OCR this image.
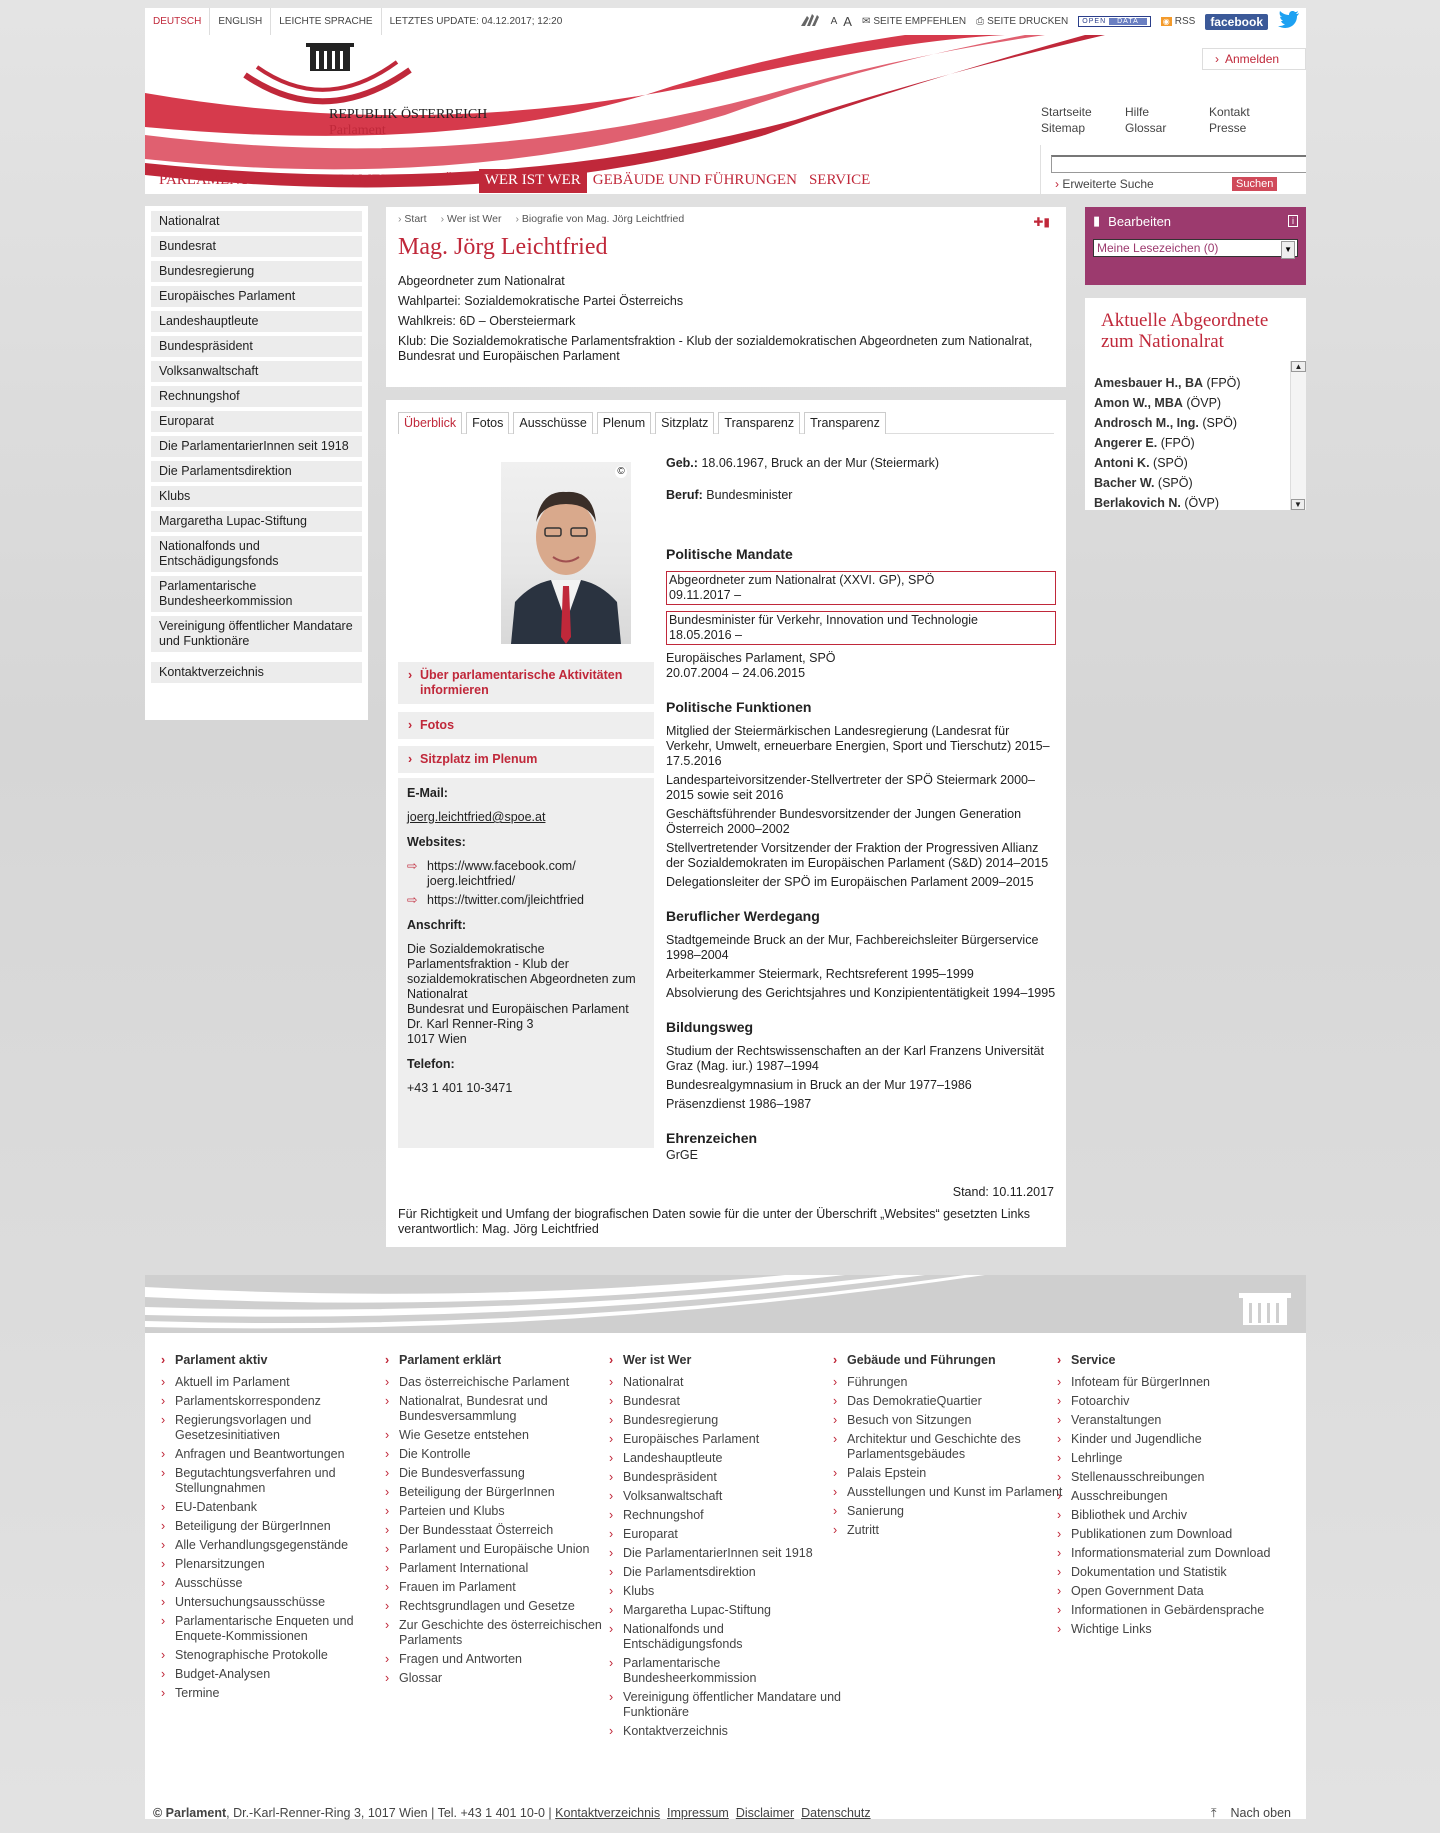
DEUTSCH	ENGLISH	LEICHTE SPRACHE	LETZTES UPDATE: 04.12.2017; 12:20	A A ✉ SEITE EMPFEHLEN ⎙ SEITE DRUCKEN OPEN	DATA	◉ RSS	facebook
REPUBLIK ÖSTERREICH
Parlament
› Anmelden
Startseite	Hilfe	Kontakt
Sitemap	Glossar	Presse
› Erweiterte Suche	Suchen
PARLAMENT AKTIV PARLAMENT ERKLÄRT WER IST WER GEBÄUDE UND FÜHRUNGEN SERVICE
Nationalrat
Bundesrat
Bundesregierung
Europäisches Parlament
Landeshauptleute
Bundespräsident
Volksanwaltschaft
Rechnungshof
Europarat
Die ParlamentarierInnen seit 1918
Die Parlamentsdirektion
Klubs
Margaretha Lupac-Stiftung
Nationalfonds und Entschädigungsfonds
Parlamentarische Bundesheerkommission
Vereinigung öffentlicher Mandatare und Funktionäre
Kontaktverzeichnis
› Start	› Wer ist Wer	› Biografie von Mag. Jörg Leichtfried	✚▮
Mag. Jörg Leichtfried
Abgeordneter zum Nationalrat
Wahlpartei: Sozialdemokratische Partei Österreichs
Wahlkreis: 6D – Obersteiermark
Klub: Die Sozialdemokratische Parlamentsfraktion - Klub der sozialdemokratischen Abgeordneten zum Nationalrat, Bundesrat und Europäischen Parlament
Überblick	Fotos	Ausschüsse	Plenum	Sitzplatz	Transparenz	Transparenz
©
› Über parlamentarische Aktivitäten informieren
› Fotos
› Sitzplatz im Plenum
E-Mail:
joerg.leichtfried@spoe.at
Websites:
⇨ https://www.facebook.com/ joerg.leichtfried/
⇨ https://twitter.com/jleichtfried
Anschrift:
Die Sozialdemokratische Parlamentsfraktion - Klub der sozialdemokratischen Abgeordneten zum Nationalrat
Bundesrat und Europäischen Parlament
Dr. Karl Renner-Ring 3
1017 Wien
Telefon:
+43 1 401 10-3471
Geb.: 18.06.1967, Bruck an der Mur (Steiermark)
Beruf: Bundesminister
Politische Mandate
Abgeordneter zum Nationalrat (XXVI. GP), SPÖ
09.11.2017 –
Bundesminister für Verkehr, Innovation und Technologie
18.05.2016 –
Europäisches Parlament, SPÖ
20.07.2004 – 24.06.2015
Politische Funktionen
Mitglied der Steiermärkischen Landesregierung (Landesrat für Verkehr, Umwelt, erneuerbare Energien, Sport und Tierschutz) 2015–17.5.2016
Landesparteivorsitzender-Stellvertreter der SPÖ Steiermark 2000–2015 sowie seit 2016
Geschäftsführender Bundesvorsitzender der Jungen Generation Österreich 2000–2002
Stellvertretender Vorsitzender der Fraktion der Progressiven Allianz der Sozialdemokraten im Europäischen Parlament (S&D) 2014–2015
Delegationsleiter der SPÖ im Europäischen Parlament 2009–2015
Beruflicher Werdegang
Stadtgemeinde Bruck an der Mur, Fachbereichsleiter Bürgerservice 1998–2004
Arbeiterkammer Steiermark, Rechtsreferent 1995–1999
Absolvierung des Gerichtsjahres und Konzipiententätigkeit 1994–1995
Bildungsweg
Studium der Rechtswissenschaften an der Karl Franzens Universität Graz (Mag. iur.) 1987–1994
Bundesrealgymnasium in Bruck an der Mur 1977–1986
Präsenzdienst 1986–1987
Ehrenzeichen
GrGE
Stand: 10.11.2017
Für Richtigkeit und Umfang der biografischen Daten sowie für die unter der Überschrift „Websites“ gesetzten Links verantwortlich: Mag. Jörg Leichtfried
▮ Bearbeiten	i
Meine Lesezeichen (0) ▼
Aktuelle Abgeordnete zum Nationalrat
Amesbauer H., BA (FPÖ)
Amon W., MBA (ÖVP)
Androsch M., Ing. (SPÖ)
Angerer E. (FPÖ)
Antoni K. (SPÖ)
Bacher W. (SPÖ)
Berlakovich N. (ÖVP)
▲
▼
› Parlament aktiv
› Aktuell im Parlament
› Parlamentskorrespondenz
› Regierungsvorlagen und Gesetzesinitiativen
› Anfragen und Beantwortungen
› Begutachtungsverfahren und Stellungnahmen
› EU-Datenbank
› Beteiligung der BürgerInnen
› Alle Verhandlungsgegenstände
› Plenarsitzungen
› Ausschüsse
› Untersuchungsausschüsse
› Parlamentarische Enqueten und Enquete-Kommissionen
› Stenographische Protokolle
› Budget-Analysen
› Termine
› Parlament erklärt
› Das österreichische Parlament
› Nationalrat, Bundesrat und Bundesversammlung
› Wie Gesetze entstehen
› Die Kontrolle
› Die Bundesverfassung
› Beteiligung der BürgerInnen
› Parteien und Klubs
› Der Bundesstaat Österreich
› Parlament und Europäische Union
› Parlament International
› Frauen im Parlament
› Rechtsgrundlagen und Gesetze
› Zur Geschichte des österreichischen Parlaments
› Fragen und Antworten
› Glossar
› Wer ist Wer
› Nationalrat
› Bundesrat
› Bundesregierung
› Europäisches Parlament
› Landeshauptleute
› Bundespräsident
› Volksanwaltschaft
› Rechnungshof
› Europarat
› Die ParlamentarierInnen seit 1918
› Die Parlamentsdirektion
› Klubs
› Margaretha Lupac-Stiftung
› Nationalfonds und Entschädigungsfonds
› Parlamentarische Bundesheerkommission
› Vereinigung öffentlicher Mandatare und Funktionäre
› Kontaktverzeichnis
› Gebäude und Führungen
› Führungen
› Das DemokratieQuartier
› Besuch von Sitzungen
› Architektur und Geschichte des Parlamentsgebäudes
› Palais Epstein
› Ausstellungen und Kunst im Parlament
› Sanierung
› Zutritt
› Service
› Infoteam für BürgerInnen
› Fotoarchiv
› Veranstaltungen
› Kinder und Jugendliche
› Lehrlinge
› Stellenausschreibungen
› Ausschreibungen
› Bibliothek und Archiv
› Publikationen zum Download
› Informationsmaterial zum Download
› Dokumentation und Statistik
› Open Government Data
› Informationen in Gebärdensprache
› Wichtige Links
© Parlament, Dr.-Karl-Renner-Ring 3, 1017 Wien | Tel. +43 1 401 10-0 | Kontaktverzeichnis Impressum Disclaimer Datenschutz	⤒ Nach oben
